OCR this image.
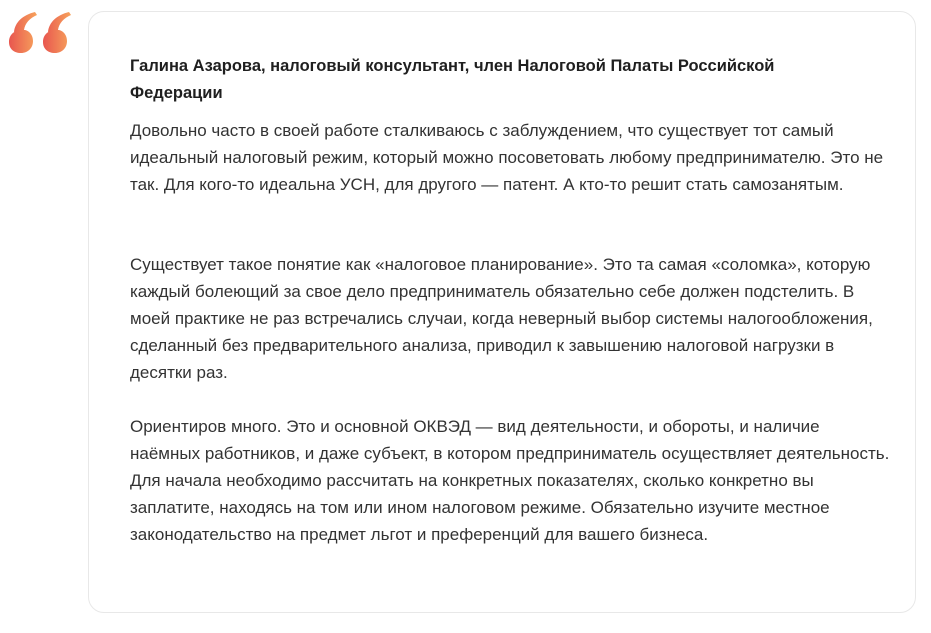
Галина Азарова, налоговый консультант, член Налоговой Палаты Российской Федерации

Довольно часто в своей работе сталкиваюсь с заблуждением, что существует тот самый идеальный налоговый режим, который можно посоветовать любому предпринимателю. Это не так. Для кого-то идеальна УСН, для другого — патент. А кто-то решит стать самозанятым.

Существует такое понятие как «налоговое планирование». Это та самая «соломка», которую каждый болеющий за свое дело предприниматель обязательно себе должен подстелить. В моей практике не раз встречались случаи, когда неверный выбор системы налогообложения, сделанный без предварительного анализа, приводил к завышению налоговой нагрузки в десятки раз.

Ориентиров много. Это и основной ОКВЭД — вид деятельности, и обороты, и наличие наёмных работников, и даже субъект, в котором предприниматель осуществляет деятельность. Для начала необходимо рассчитать на конкретных показателях, сколько конкретно вы заплатите, находясь на том или ином налоговом режиме. Обязательно изучите местное законодательство на предмет льгот и преференций для вашего бизнеса.
